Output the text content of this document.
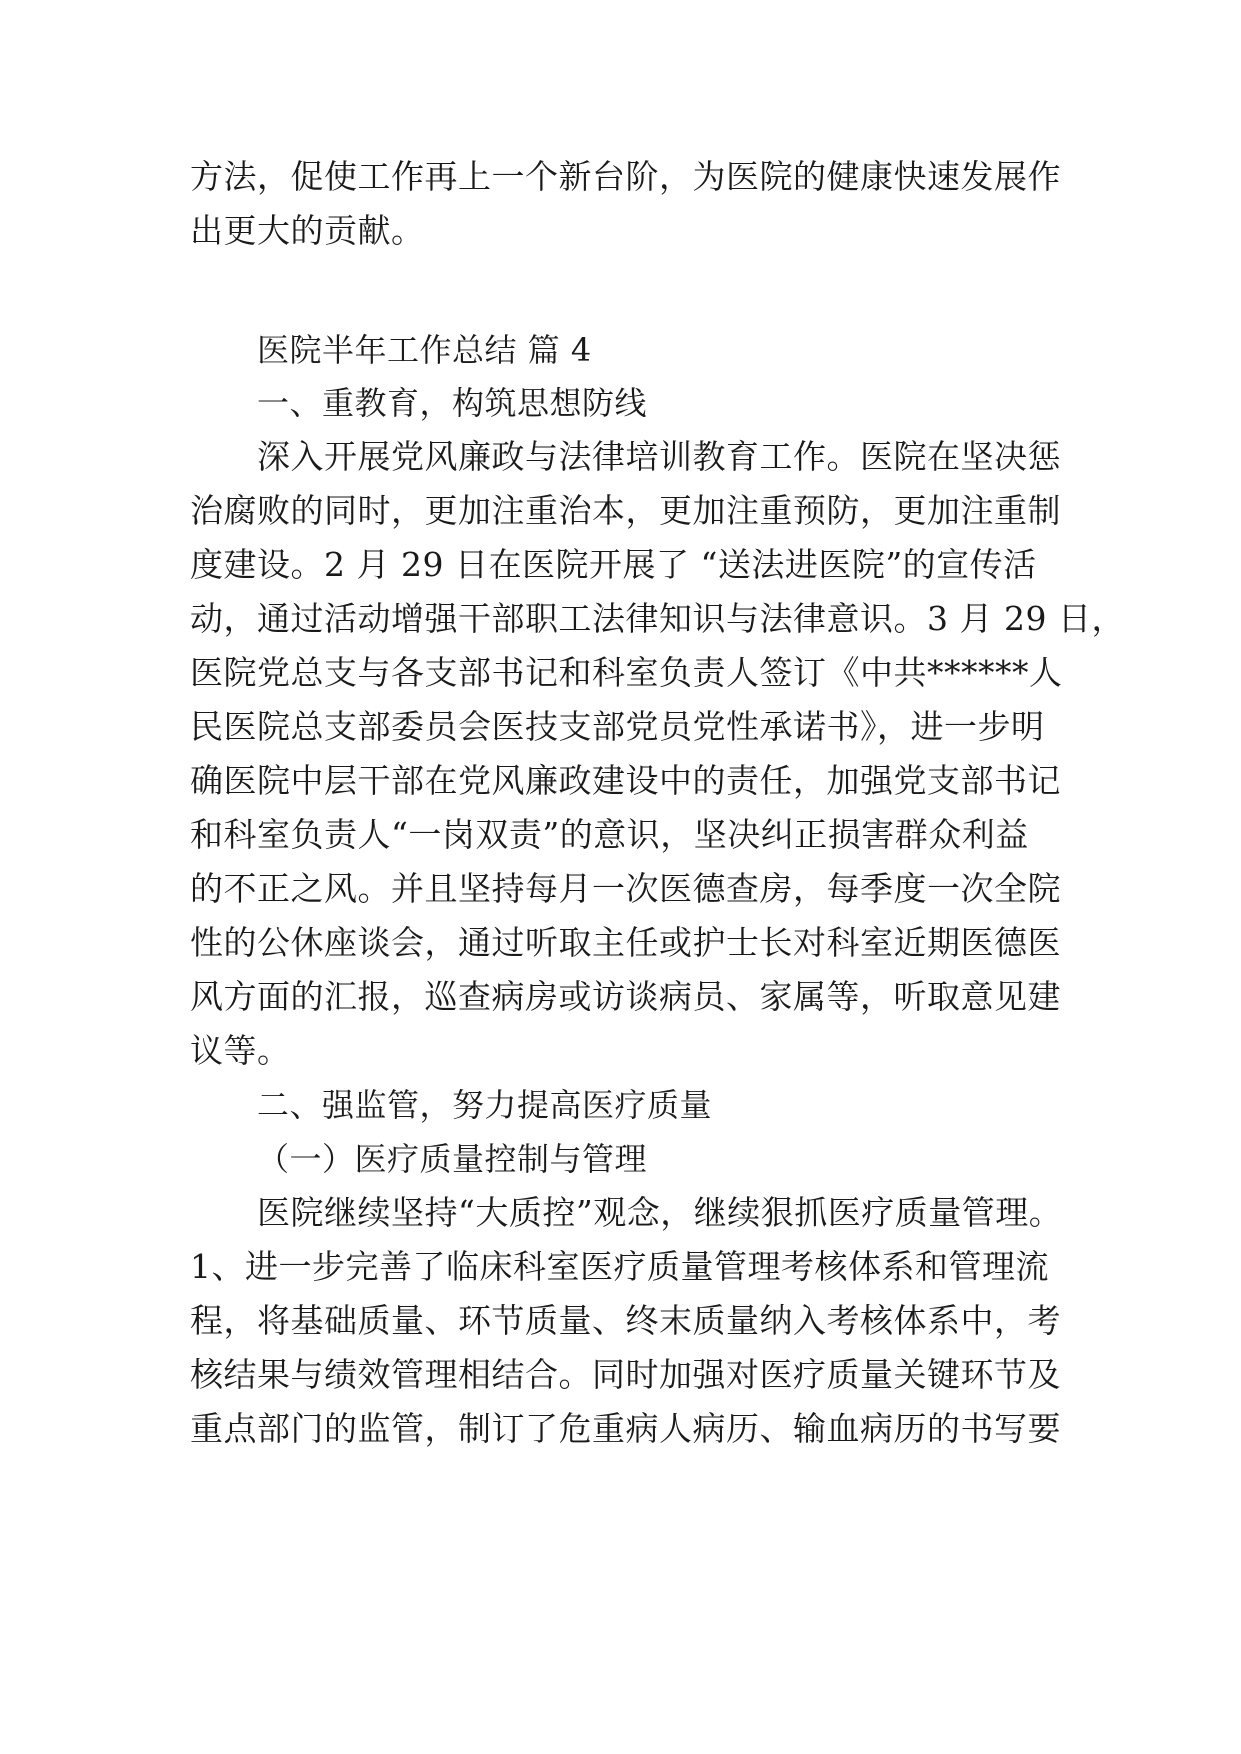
方法，促使工作再上一个新台阶，为医院的健康快速发展作
出更大的贡献。
医院半年工作总结 篇 4
一、重教育，构筑思想防线
深入开展党风廉政与法律培训教育工作。医院在坚决惩
治腐败的同时，更加注重治本，更加注重预防，更加注重制
度建设。2 月 29 日在医院开展了 “送法进医院”的宣传活
动，通过活动增强干部职工法律知识与法律意识。3 月 29 日，
医院党总支与各支部书记和科室负责人签订《中共******人
民医院总支部委员会医技支部党员党性承诺书》，进一步明
确医院中层干部在党风廉政建设中的责任，加强党支部书记
和科室负责人“一岗双责”的意识，坚决纠正损害群众利益
的不正之风。并且坚持每月一次医德查房，每季度一次全院
性的公休座谈会，通过听取主任或护士长对科室近期医德医
风方面的汇报，巡查病房或访谈病员、家属等，听取意见建
议等。
二、强监管，努力提高医疗质量
（一）医疗质量控制与管理
医院继续坚持“大质控”观念，继续狠抓医疗质量管理。
1、进一步完善了临床科室医疗质量管理考核体系和管理流
程，将基础质量、环节质量、终末质量纳入考核体系中，考
核结果与绩效管理相结合。同时加强对医疗质量关键环节及
重点部门的监管，制订了危重病人病历、输血病历的书写要
